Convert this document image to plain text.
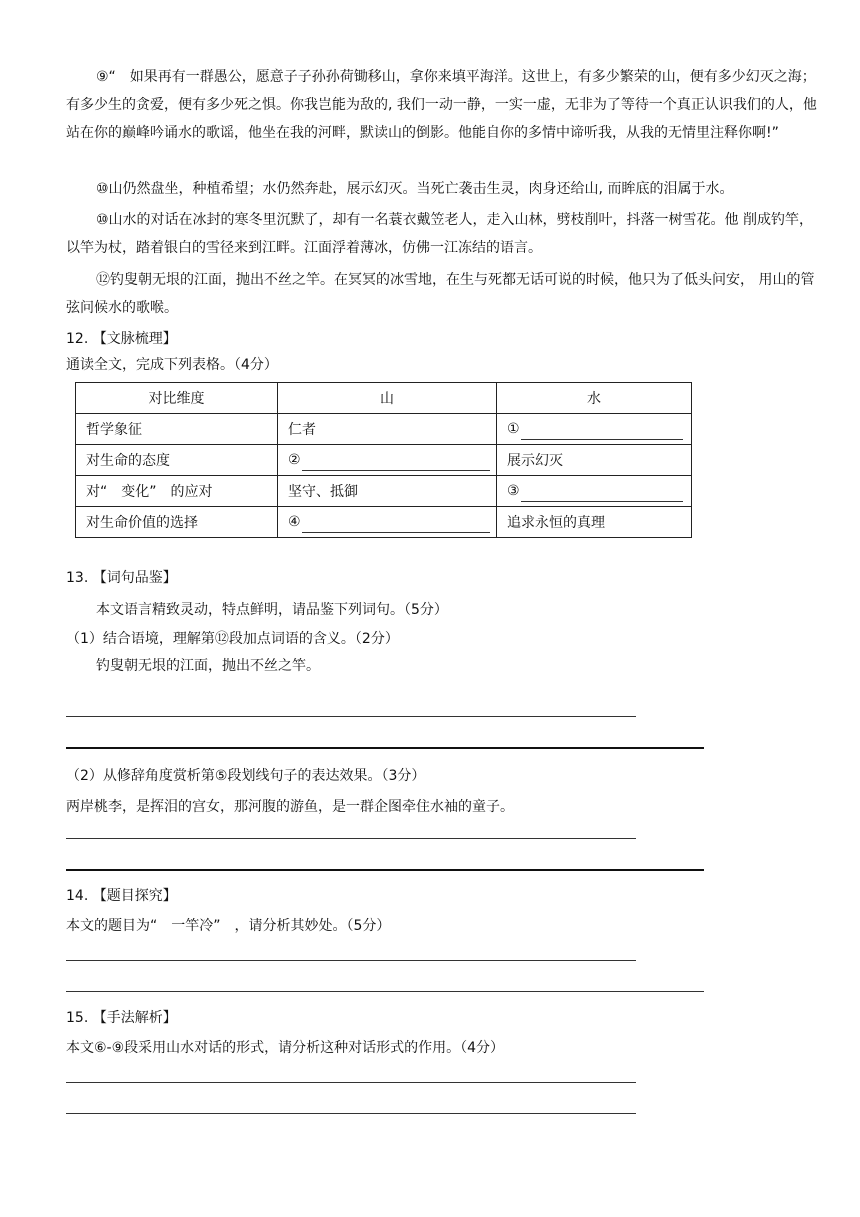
⑨“　如果再有一群愚公，愿意子子孙孙荷锄移山，拿你来填平海洋。这世上，有多少繁荣的山，便有多少幻灭之海；有多少生的贪爱，便有多少死之惧。你我岂能为敌的, 我们一动一静，一实一虚，无非为了等待一个真正认识我们的人，他站在你的巅峰吟诵水的歌谣，他坐在我的河畔，默读山的倒影。他能自你的多情中谛听我，从我的无情里注释你啊!”

⑩山仍然盘坐，种植希望；水仍然奔赴，展示幻灭。当死亡袭击生灵，肉身还给山, 而眸底的泪属于水。

⑩山水的对话在冰封的寒冬里沉默了，却有一名蓑衣戴笠老人，走入山林，劈枝削叶，抖落一树雪花。他 削成钓竿，以竿为杖，踏着银白的雪径来到江畔。江面浮着薄冰，仿佛一江冻结的语言。

⑫钓叟朝无垠的江面，抛出不丝之竿。在冥冥的冰雪地，在生与死都无话可说的时候，他只为了低头问安， 用山的管弦问候水的歌喉。

12. 【文脉梳理】

通读全文，完成下列表格。（4分）

对比维度	山	水
哲学象征	仁者	①
对生命的态度	②	展示幻灭
对“　变化”　的应对	坚守、抵御	③
对生命价值的选择	④	追求永恒的真理

13. 【词句品鉴】

本文语言精致灵动，特点鲜明，请品鉴下列词句。（5分）

（1）结合语境，理解第⑫段加点词语的含义。（2分）

钓叟朝无垠的江面，抛出不丝之竿。

（2）从修辞角度赏析第⑤段划线句子的表达效果。（3分）

两岸桃李，是挥泪的宫女，那河腹的游鱼，是一群企图牵住水袖的童子。

14. 【题目探究】

本文的题目为“　一竿冷”　，请分析其妙处。（5分）

15. 【手法解析】

本文⑥-⑨段采用山水对话的形式，请分析这种对话形式的作用。（4分）
